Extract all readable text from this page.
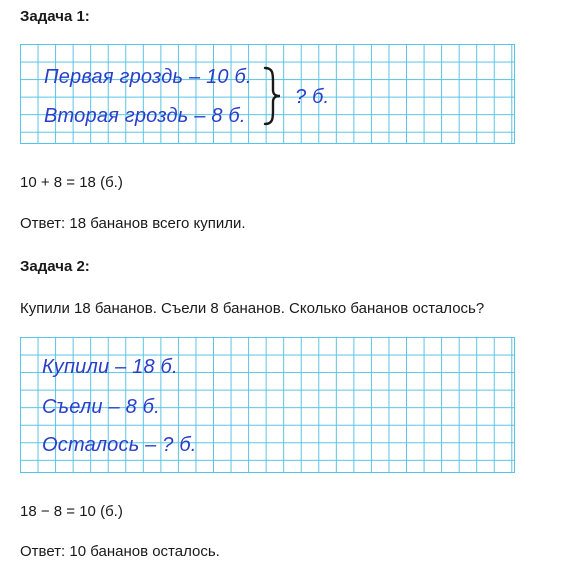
Задача 1:
Первая гроздь – 10 б.
Вторая гроздь – 8 б.
? б.
10 + 8 = 18 (б.)
Ответ: 18 бананов всего купили.
Задача 2:
Купили 18 бананов. Съели 8 бананов. Сколько бананов осталось?
Купили – 18 б.
Съели – 8 б.
Осталось – ? б.
18 − 8 = 10 (б.)
Ответ: 10 бананов осталось.
